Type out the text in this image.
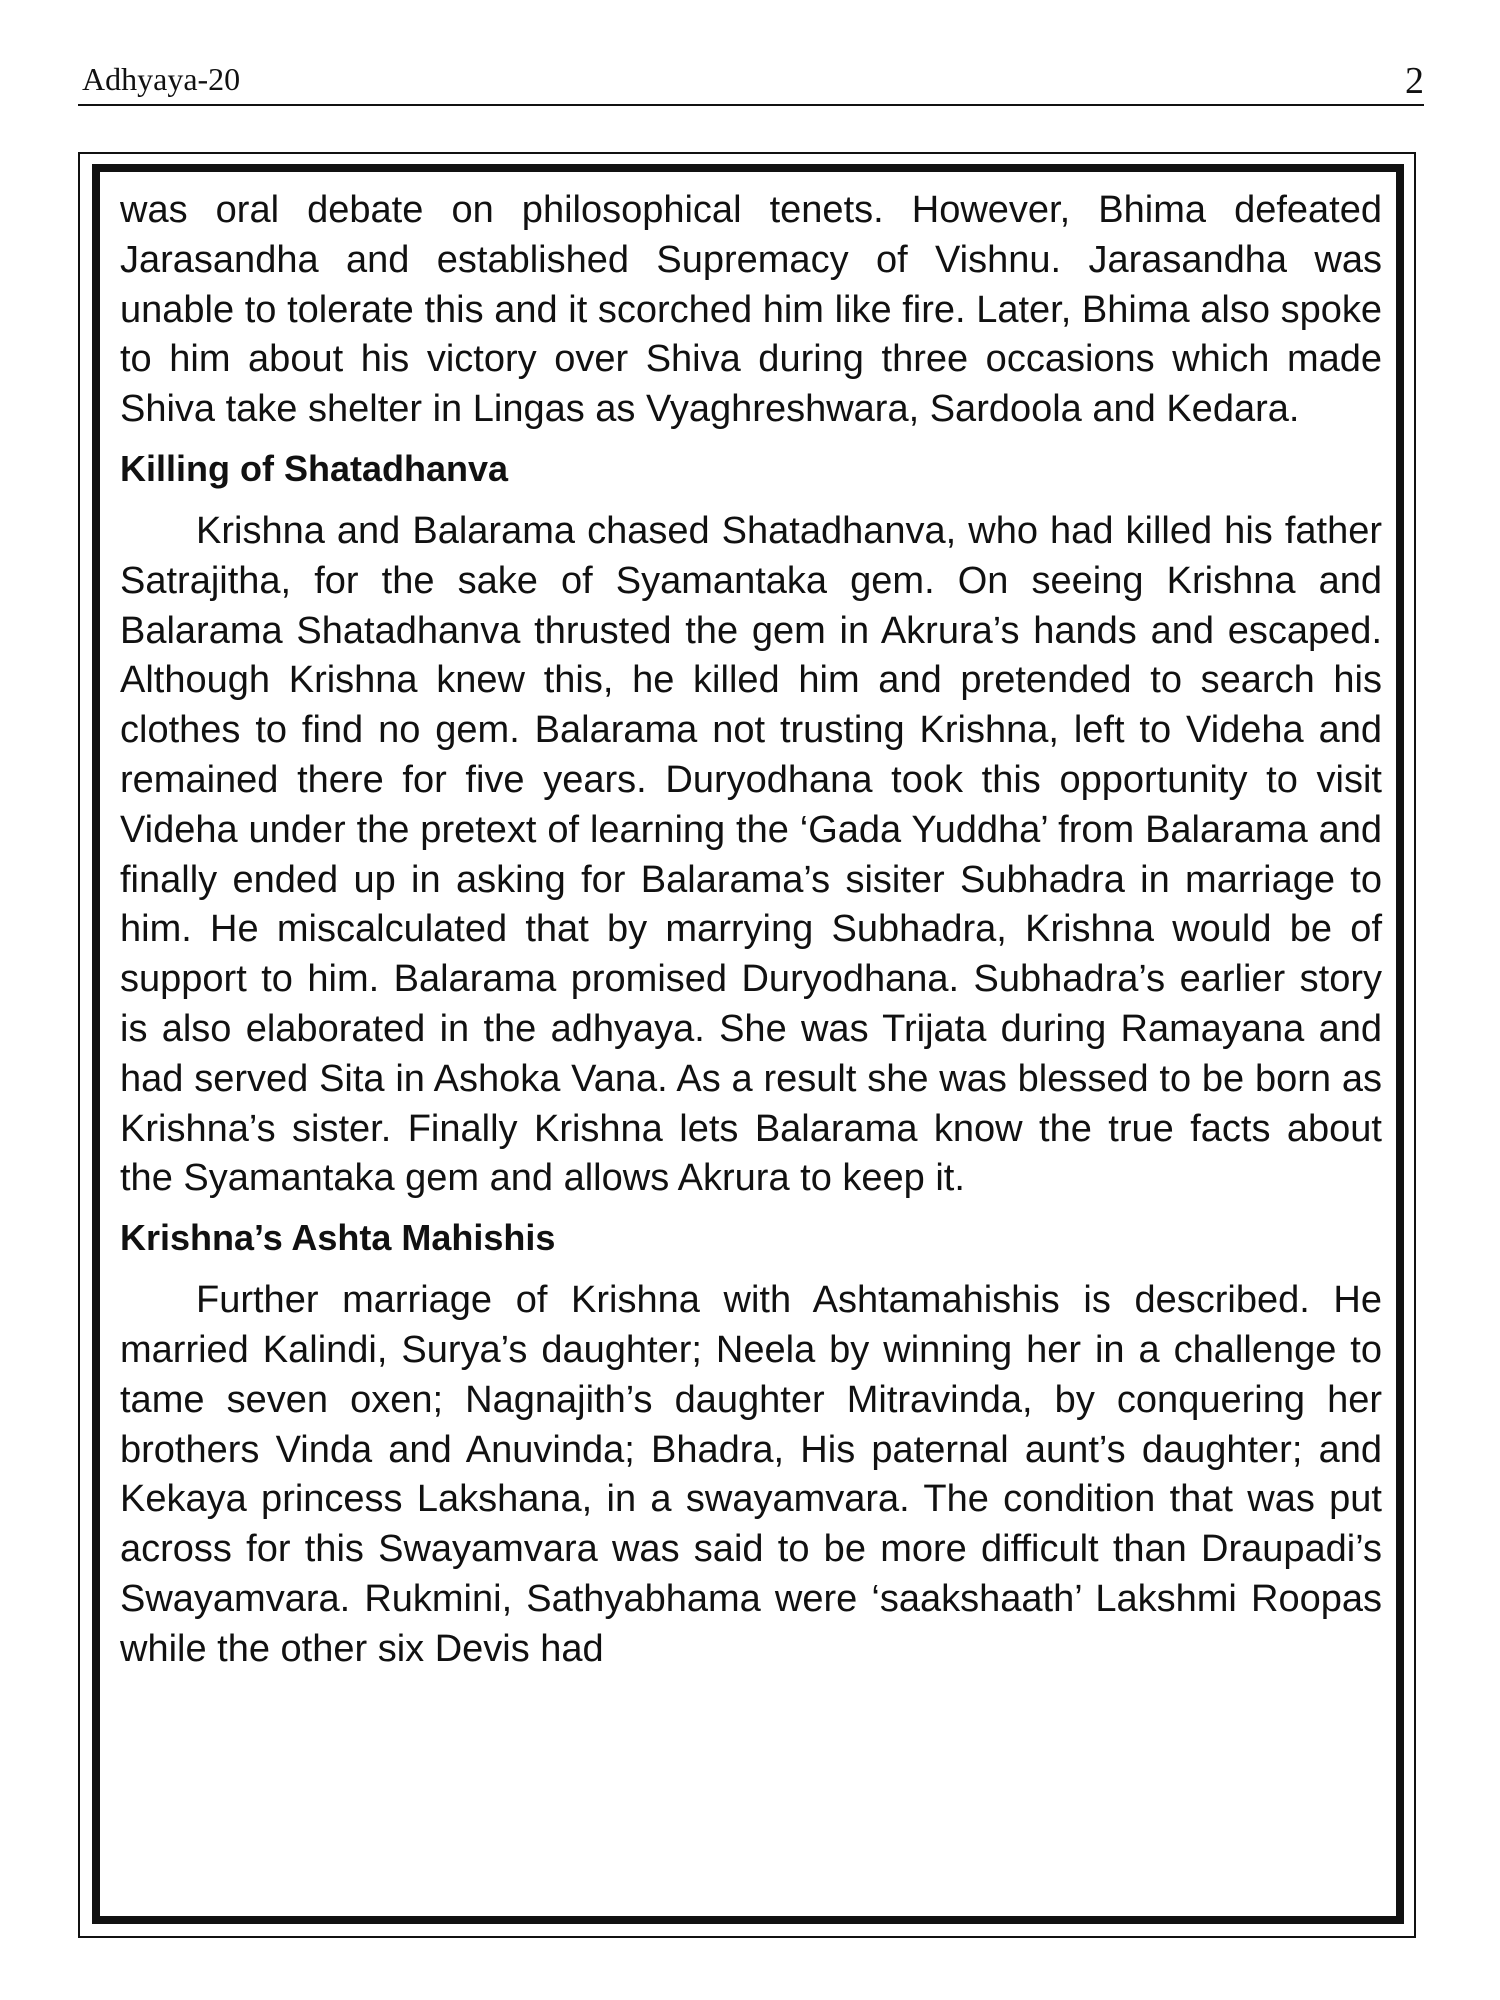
Adhyaya-20	2

was oral debate on philosophical tenets. However, Bhima defeated Jarasandha and established Supremacy of Vishnu. Jarasandha was unable to tolerate this and it scorched him like fire. Later, Bhima also spoke to him about his victory over Shiva during three occasions which made Shiva take shelter in Lingas as Vyaghreshwara, Sardoola and Kedara.

Killing of Shatadhanva

Krishna and Balarama chased Shatadhanva, who had killed his father Satrajitha, for the sake of Syamantaka gem. On seeing Krishna and Balarama Shatadhanva thrusted the gem in Akrura’s hands and escaped. Although Krishna knew this, he killed him and pretended to search his clothes to find no gem. Balarama not trusting Krishna, left to Videha and remained there for five years. Duryodhana took this opportunity to visit Videha under the pretext of learning the ‘Gada Yuddha’ from Balarama and finally ended up in asking for Balarama’s sisiter Subhadra in marriage to him. He miscalculated that by marrying Subhadra, Krishna would be of support to him. Balarama promised Duryodhana. Subhadra’s earlier story is also elaborated in the adhyaya. She was Trijata during Ramayana and had served Sita in Ashoka Vana. As a result she was blessed to be born as Krishna’s sister. Finally Krishna lets Balarama know the true facts about the Syamantaka gem and allows Akrura to keep it.

Krishna’s Ashta Mahishis

Further marriage of Krishna with Ashtamahishis is described. He married Kalindi, Surya’s daughter; Neela by winning her in a challenge to tame seven oxen; Nagnajith’s daughter Mitravinda, by conquering her brothers Vinda and Anuvinda; Bhadra, His paternal aunt’s daughter; and Kekaya princess Lakshana, in a swayamvara. The condition that was put across for this Swayamvara was said to be more difficult than Draupadi’s Swayamvara. Rukmini, Sathyabhama were ‘saakshaath’ Lakshmi Roopas while the other six Devis had
